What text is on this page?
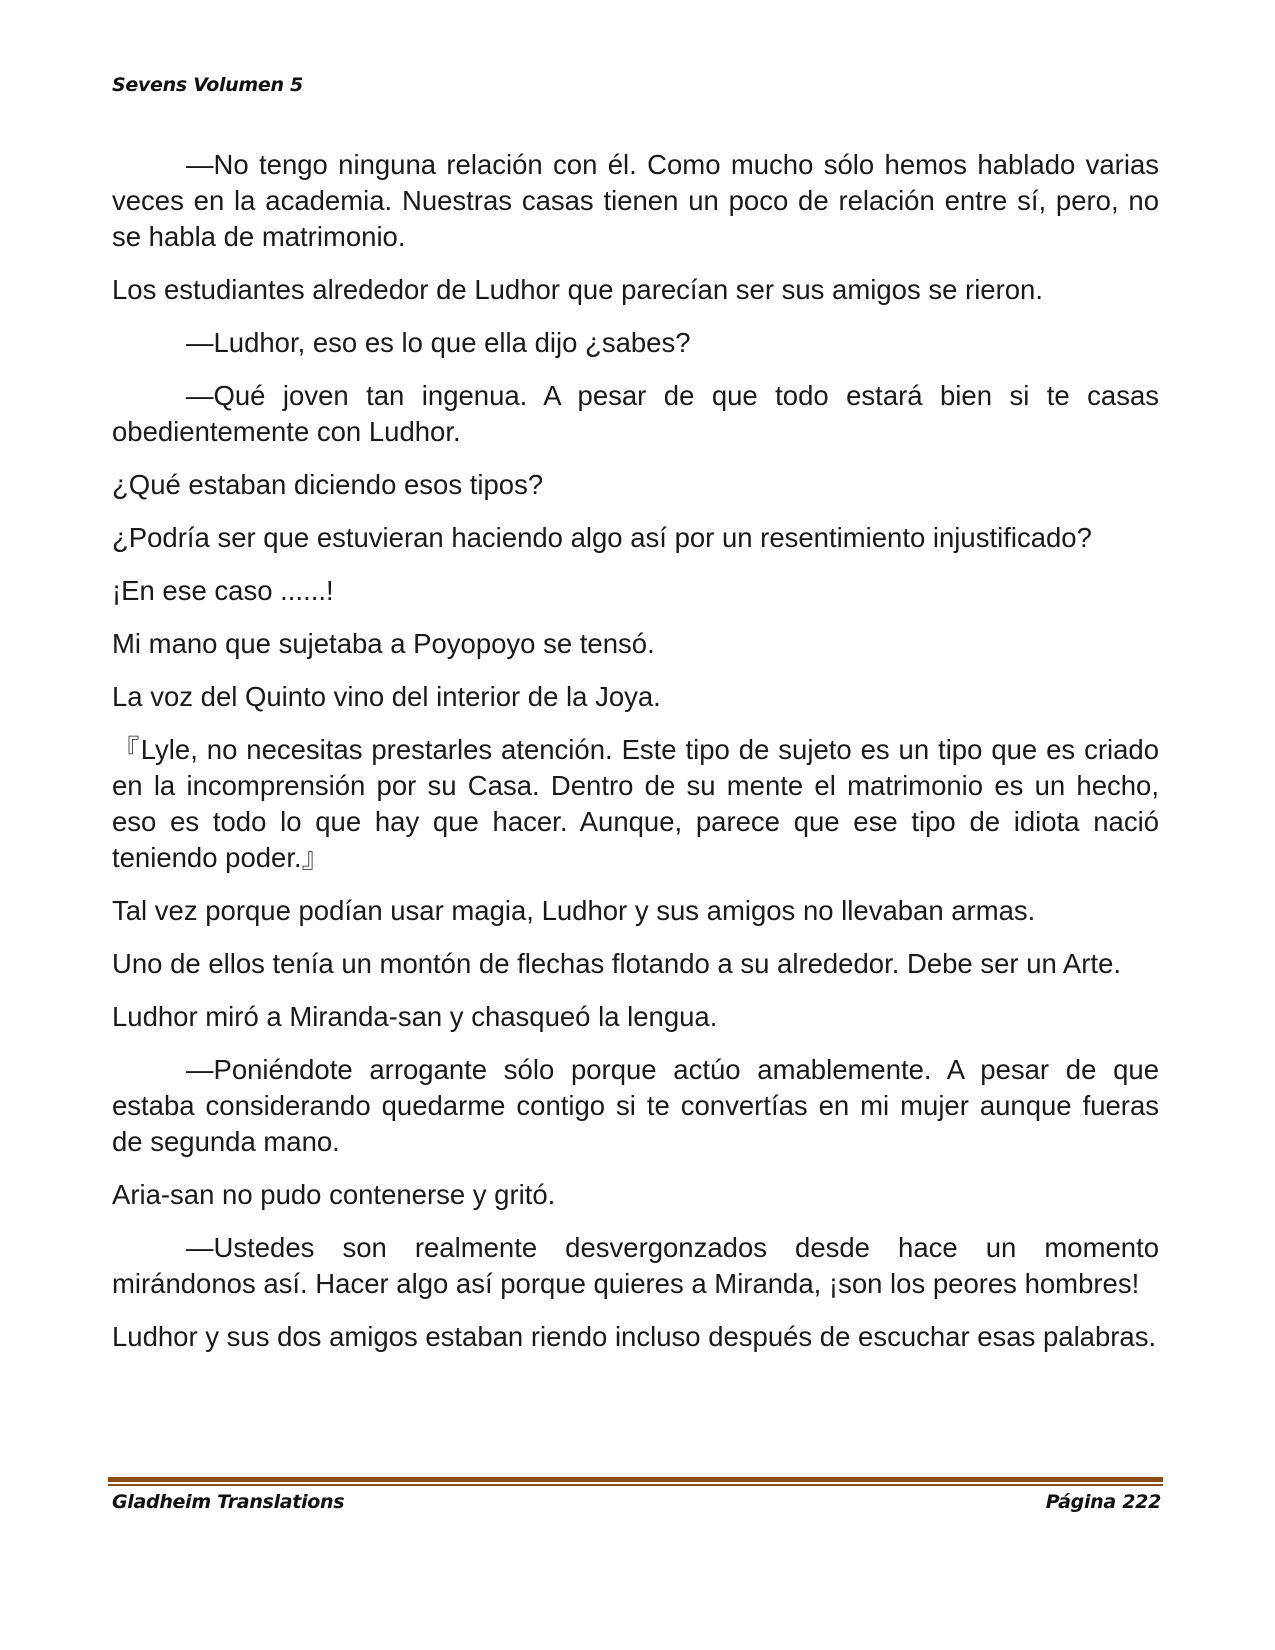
Sevens Volumen 5

—No tengo ninguna relación con él. Como mucho sólo hemos hablado varias veces en la academia. Nuestras casas tienen un poco de relación entre sí, pero, no se habla de matrimonio.

Los estudiantes alrededor de Ludhor que parecían ser sus amigos se rieron.

—Ludhor, eso es lo que ella dijo ¿sabes?

—Qué joven tan ingenua. A pesar de que todo estará bien si te casas obedientemente con Ludhor.

¿Qué estaban diciendo esos tipos?

¿Podría ser que estuvieran haciendo algo así por un resentimiento injustificado?

¡En ese caso ......!

Mi mano que sujetaba a Poyopoyo se tensó.

La voz del Quinto vino del interior de la Joya.

『Lyle, no necesitas prestarles atención. Este tipo de sujeto es un tipo que es criado en la incomprensión por su Casa. Dentro de su mente el matrimonio es un hecho, eso es todo lo que hay que hacer. Aunque, parece que ese tipo de idiota nació teniendo poder.』

Tal vez porque podían usar magia, Ludhor y sus amigos no llevaban armas.

Uno de ellos tenía un montón de flechas flotando a su alrededor. Debe ser un Arte.

Ludhor miró a Miranda-san y chasqueó la lengua.

—Poniéndote arrogante sólo porque actúo amablemente. A pesar de que estaba considerando quedarme contigo si te convertías en mi mujer aunque fueras de segunda mano.

Aria-san no pudo contenerse y gritó.

—Ustedes son realmente desvergonzados desde hace un momento mirándonos así. Hacer algo así porque quieres a Miranda, ¡son los peores hombres!

Ludhor y sus dos amigos estaban riendo incluso después de escuchar esas palabras.

Gladheim Translations	Página 222
